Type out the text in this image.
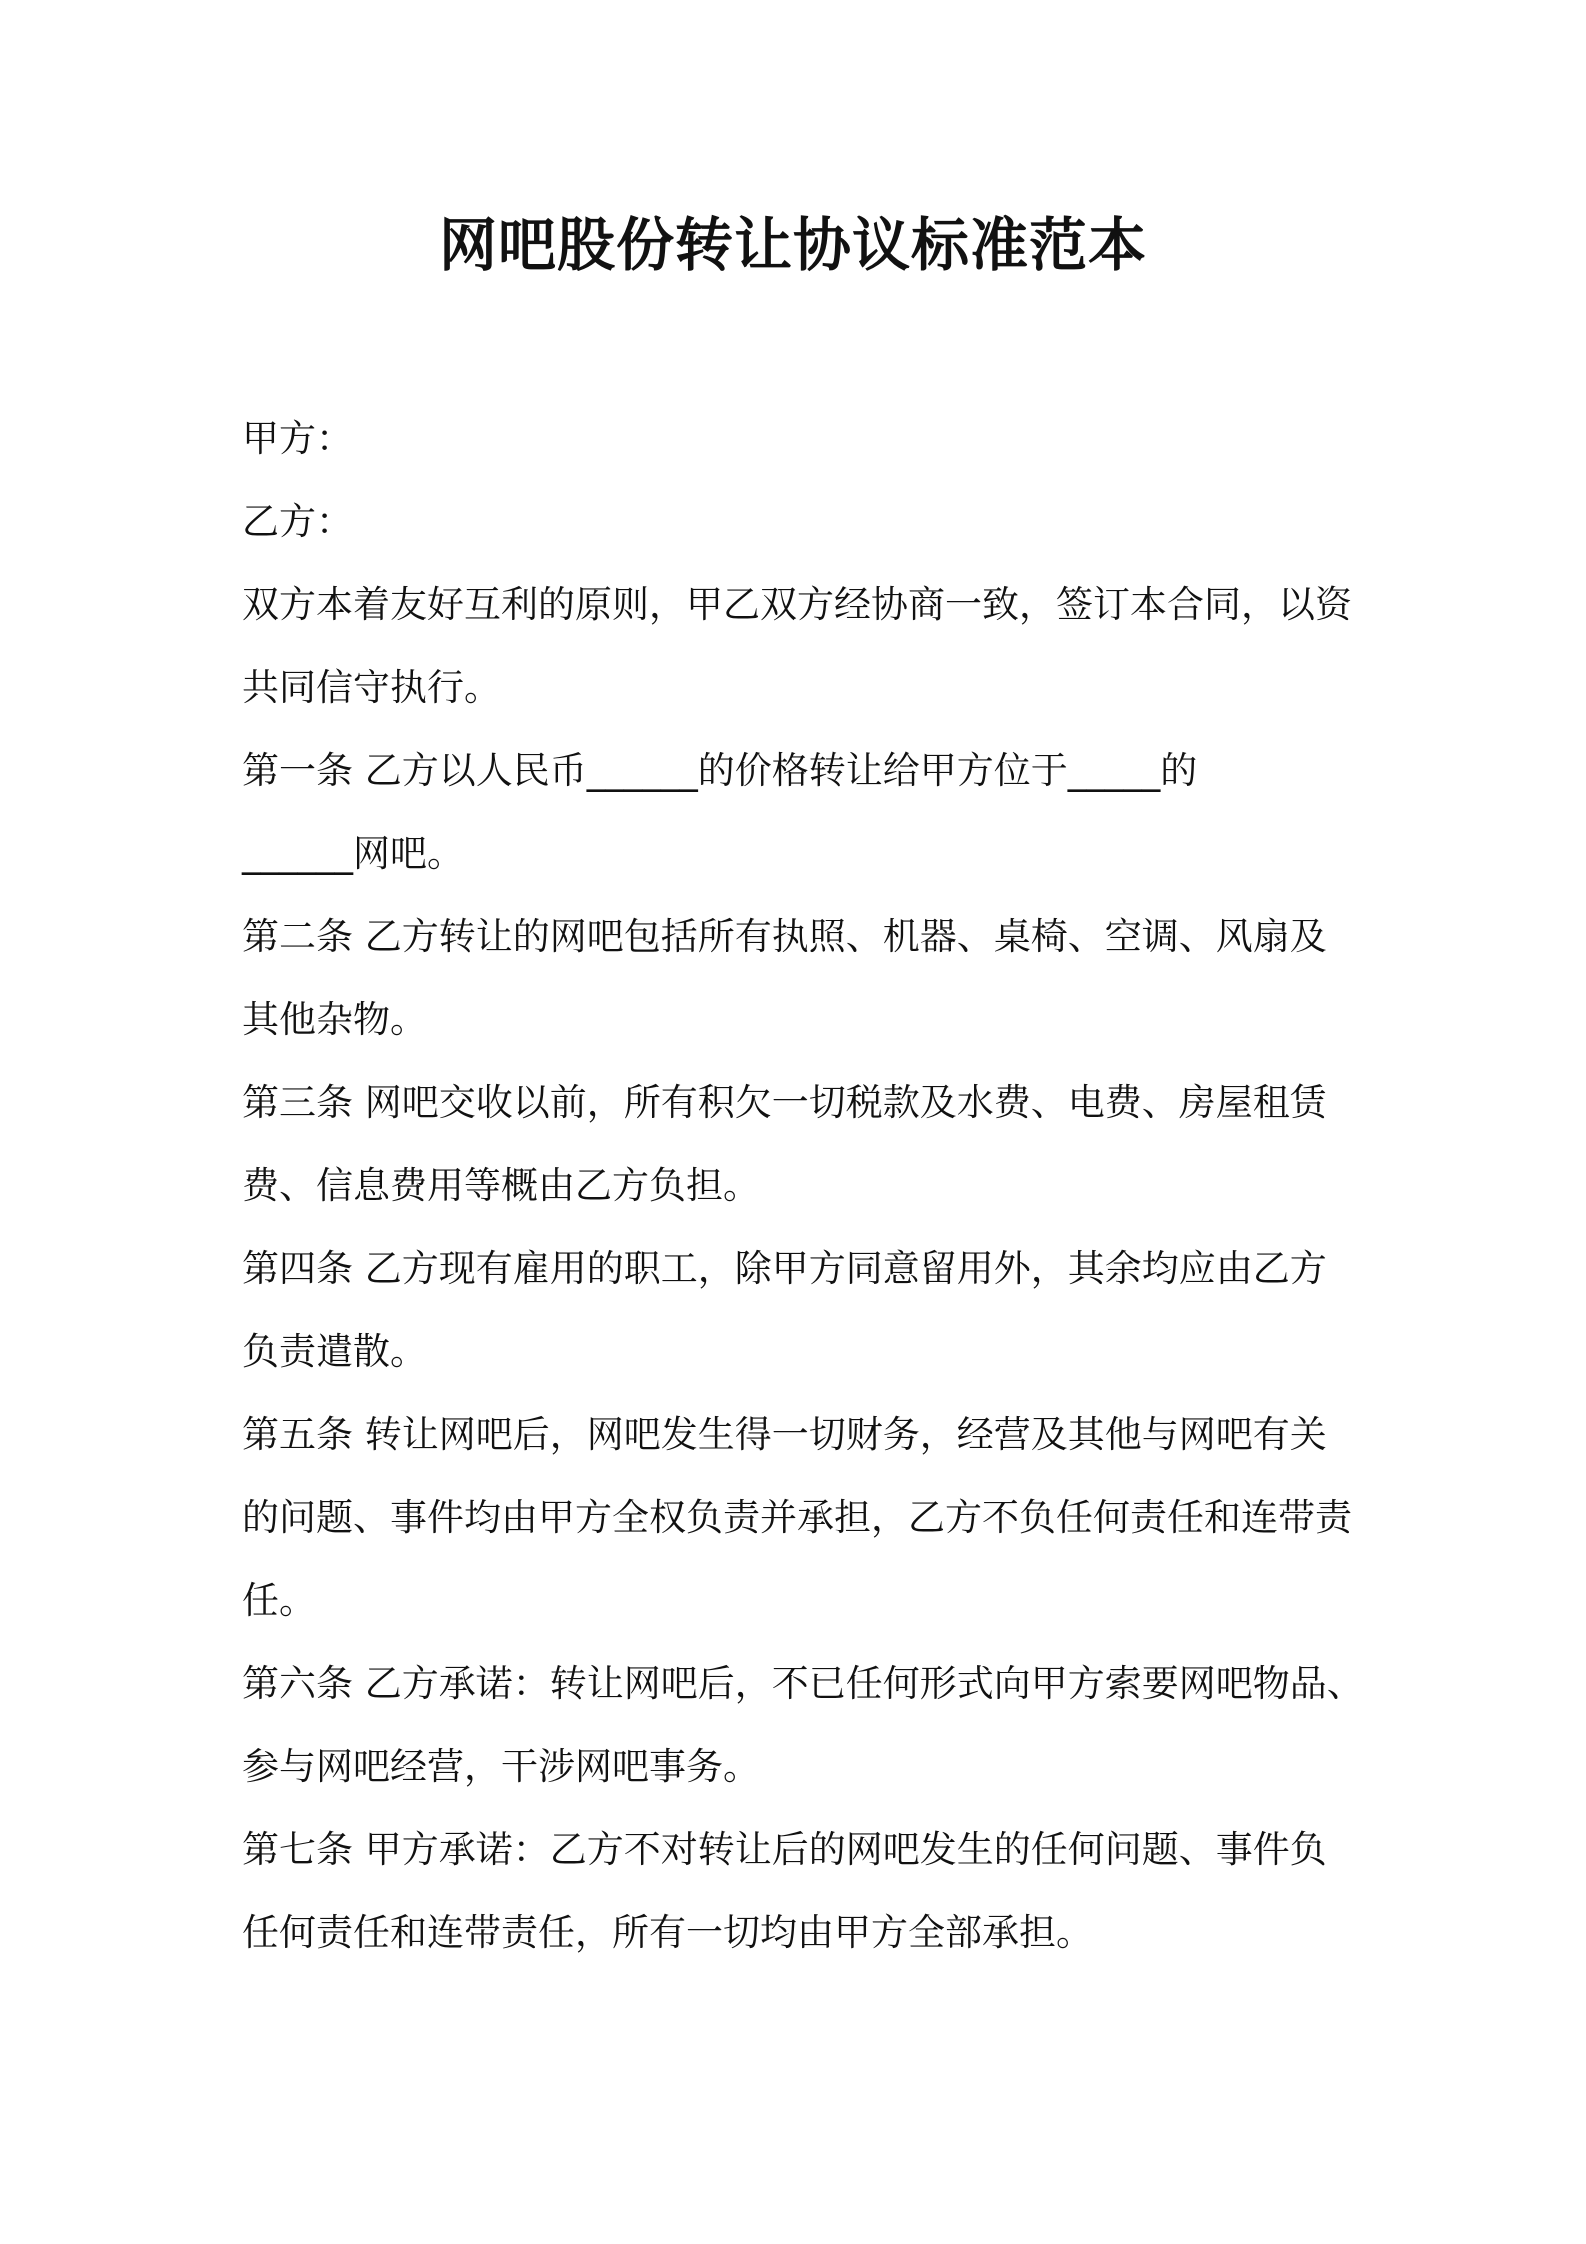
网吧股份转让协议标准范本
甲方：
乙方：
双方本着友好互利的原则，甲乙双方经协商一致，签订本合同，以资
共同信守执行。
第一条 乙方以人民币______的价格转让给甲方位于_____的
______网吧。
第二条 乙方转让的网吧包括所有执照、机器、桌椅、空调、风扇及
其他杂物。
第三条 网吧交收以前，所有积欠一切税款及水费、电费、房屋租赁
费、信息费用等概由乙方负担。
第四条 乙方现有雇用的职工，除甲方同意留用外，其余均应由乙方
负责遣散。
第五条 转让网吧后，网吧发生得一切财务，经营及其他与网吧有关
的问题、事件均由甲方全权负责并承担，乙方不负任何责任和连带责
任。
第六条 乙方承诺：转让网吧后，不已任何形式向甲方索要网吧物品、
参与网吧经营，干涉网吧事务。
第七条 甲方承诺：乙方不对转让后的网吧发生的任何问题、事件负
任何责任和连带责任，所有一切均由甲方全部承担。
